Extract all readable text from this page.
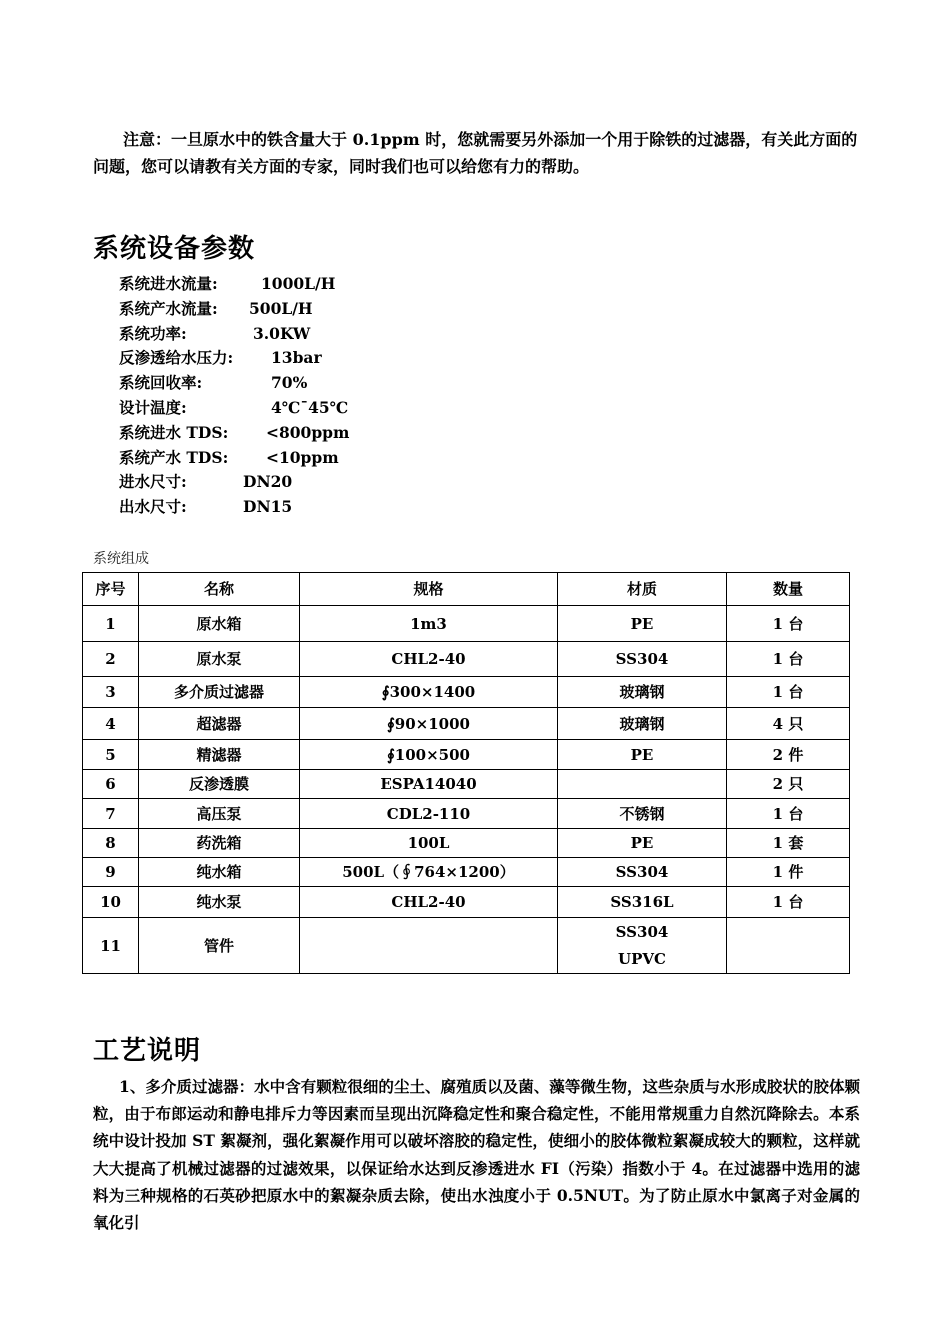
注意：一旦原水中的铁含量大于 0.1ppm 时，您就需要另外添加一个用于除铁的过滤器，有关此方面的问题，您可以请教有关方面的专家，同时我们也可以给您有力的帮助。

系统设备参数
系统进水流量:	1000L/H
系统产水流量: 500L/H
系统功率:	3.0KW
反渗透给水压力: 13bar
系统回收率:	70%
设计温度:	4℃¯45℃
系统进水 TDS: <800ppm
系统产水 TDS: <10ppm
进水尺寸:	DN20
出水尺寸:	DN15
系统组成
序号	名称	规格	材质	数量
1	原水箱	1m3	PE	1 台
2	原水泵	CHL2-40	SS304	1 台
3	多介质过滤器	∮300×1400	玻璃钢	1 台
4	超滤器	∮90×1000	玻璃钢	4 只
5	精滤器	∮100×500	PE	2 件
6	反渗透膜	ESPA14040		2 只
7	高压泵	CDL2-110	不锈钢	1 台
8	药洗箱	100L	PE	1 套
9	纯水箱	500L（∮764×1200）	SS304	1 件
10	纯水泵	CHL2-40	SS316L	1 台
11	管件		SS304
UPVC	

工艺说明

1、多介质过滤器：水中含有颗粒很细的尘土、腐殖质以及菌、藻等微生物，这些杂质与水形成胶状的胶体颗粒，由于布郎运动和静电排斥力等因素而呈现出沉降稳定性和聚合稳定性，不能用常规重力自然沉降除去。本系统中设计投加 ST 絮凝剂，强化絮凝作用可以破坏溶胶的稳定性，使细小的胶体微粒絮凝成较大的颗粒，这样就大大提高了机械过滤器的过滤效果，以保证给水达到反渗透进水 FI（污染）指数小于 4。在过滤器中选用的滤料为三种规格的石英砂把原水中的絮凝杂质去除，使出水浊度小于 0.5NUT。为了防止原水中氯离子对金属的氧化引
